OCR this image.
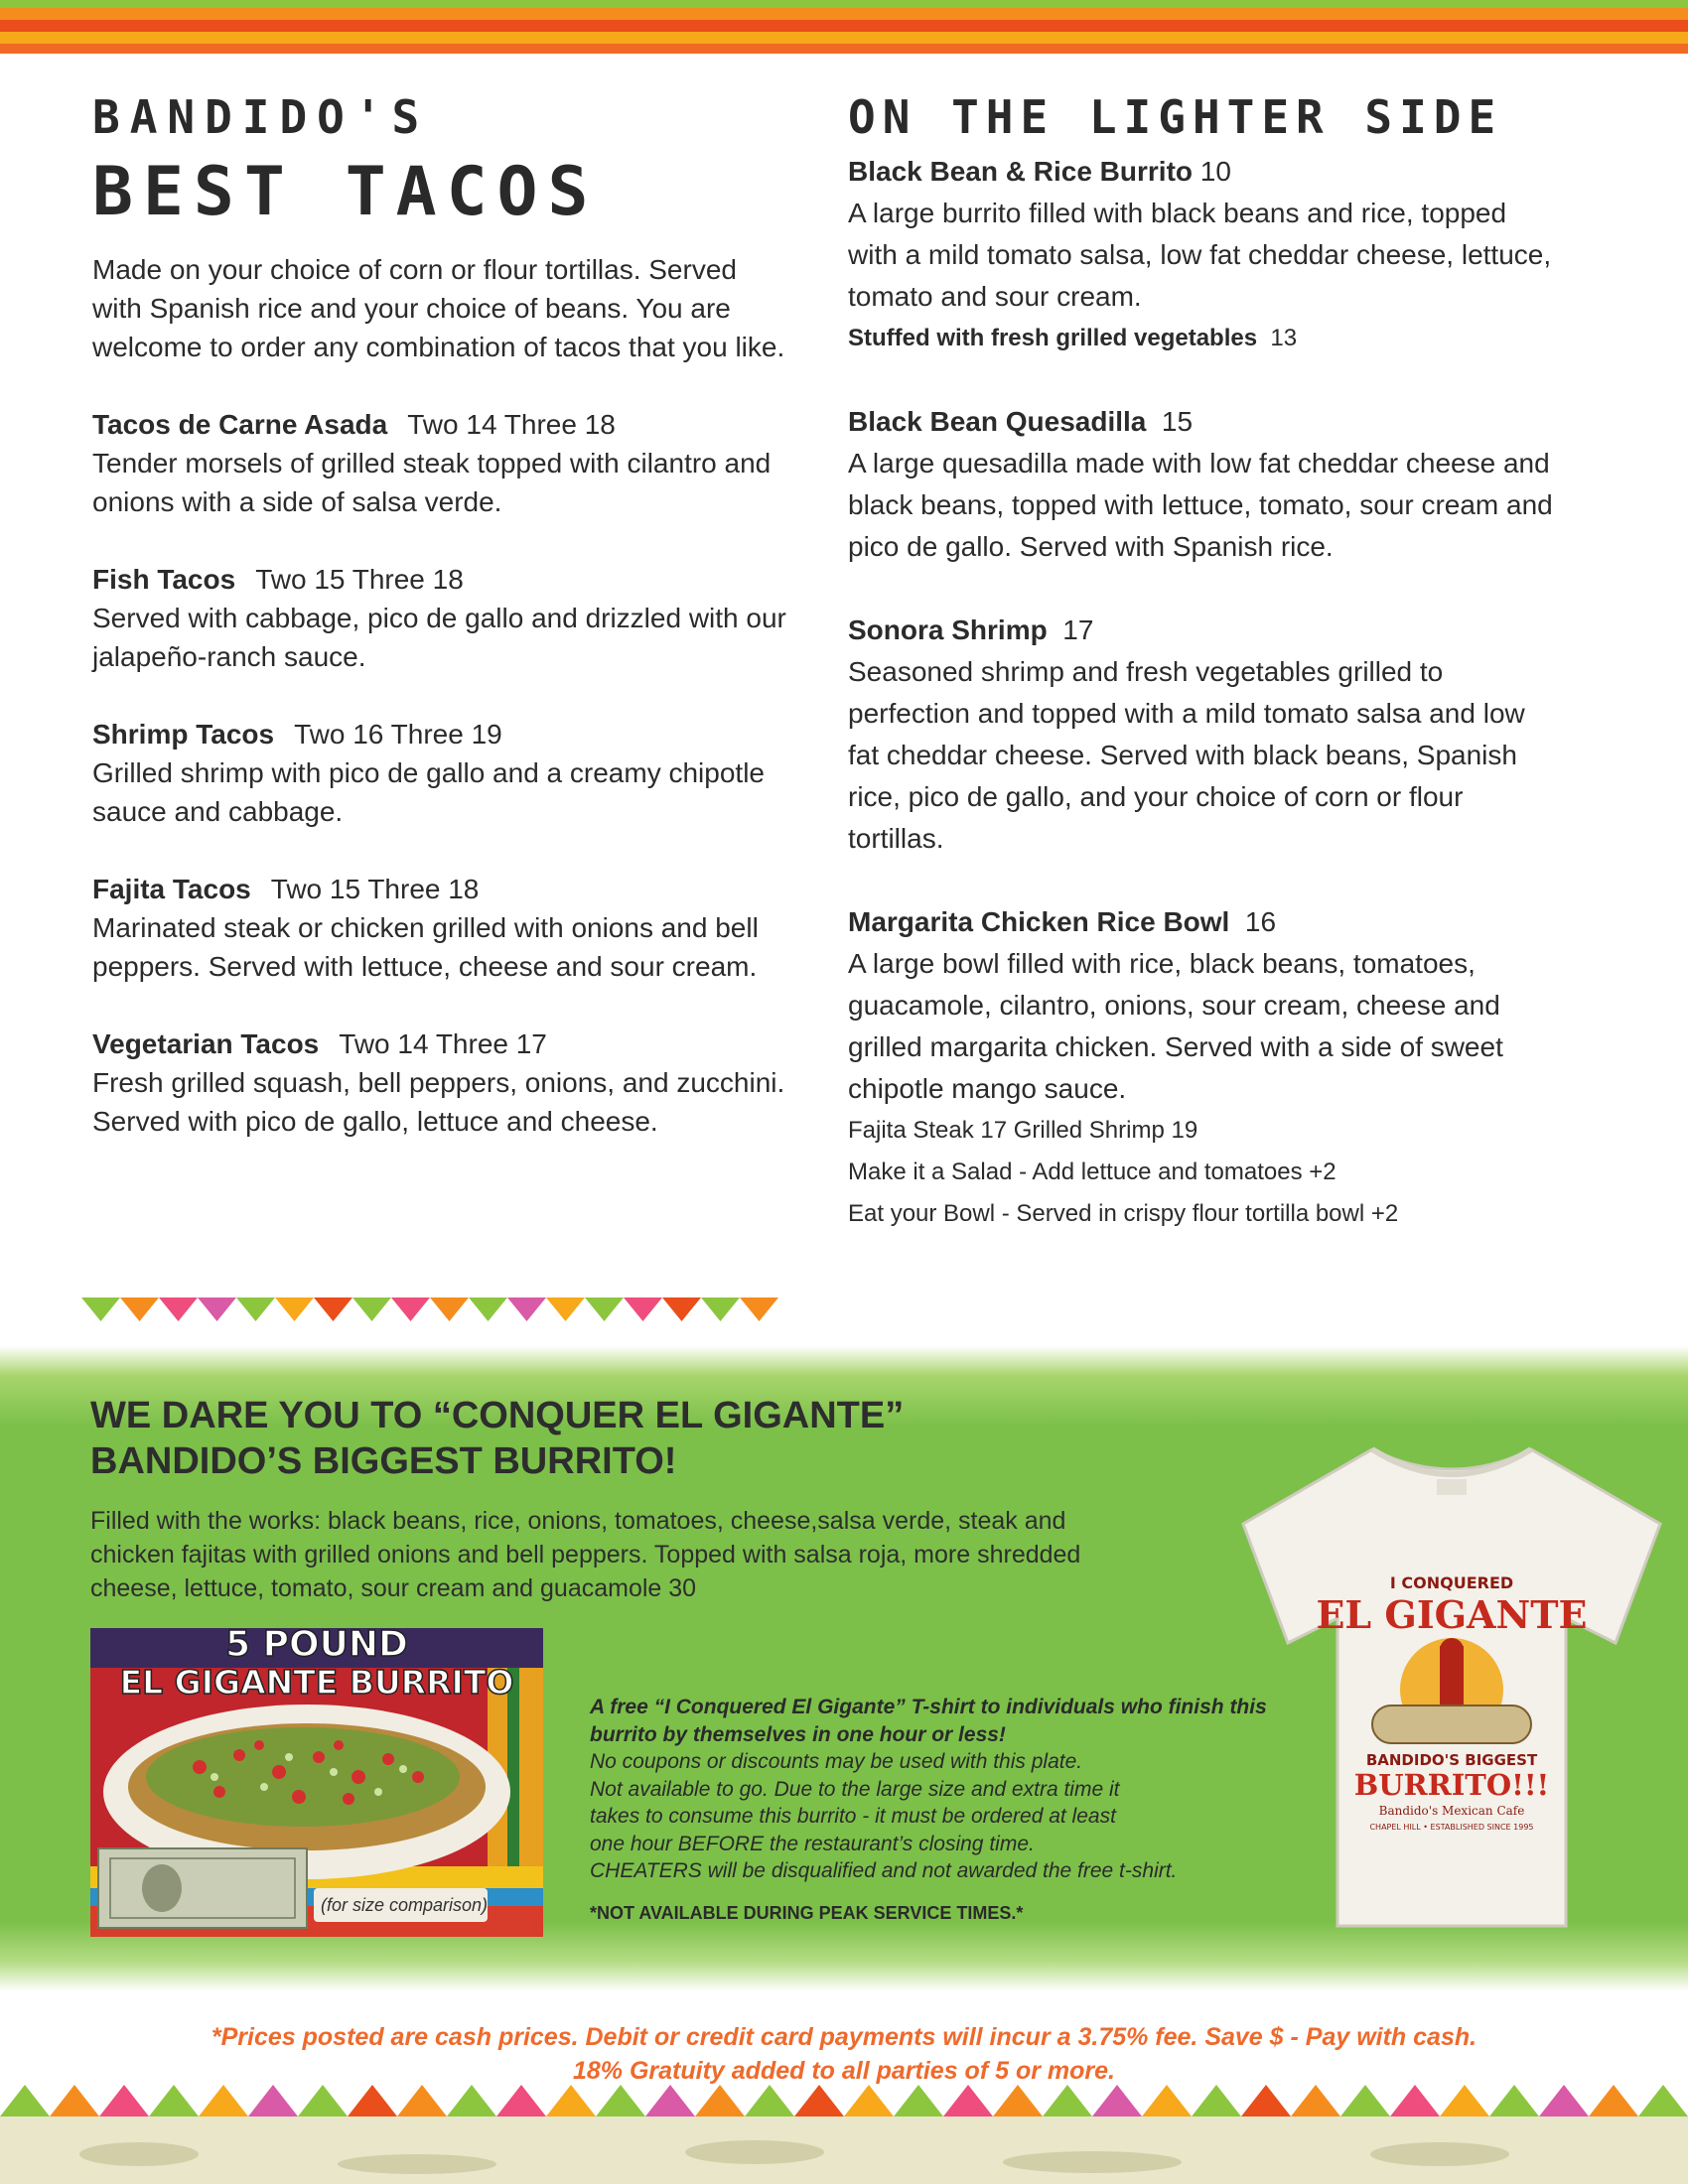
BANDIDO'S
BEST TACOS
Made on your choice of corn or flour tortillas. Served with Spanish rice and your choice of beans. You are welcome to order any combination of tacos that you like.
Tacos de Carne Asada Two 14 Three 18
Tender morsels of grilled steak topped with cilantro and onions with a side of salsa verde.
Fish Tacos Two 15 Three 18
Served with cabbage, pico de gallo and drizzled with our jalapeño-ranch sauce.
Shrimp Tacos Two 16 Three 19
Grilled shrimp with pico de gallo and a creamy chipotle sauce and cabbage.
Fajita Tacos Two 15 Three 18
Marinated steak or chicken grilled with onions and bell peppers. Served with lettuce, cheese and sour cream.
Vegetarian Tacos Two 14 Three 17
Fresh grilled squash, bell peppers, onions, and zucchini. Served with pico de gallo, lettuce and cheese.
ON THE LIGHTER SIDE
Black Bean & Rice Burrito 10
A large burrito filled with black beans and rice, topped with a mild tomato salsa, low fat cheddar cheese, lettuce, tomato and sour cream.
Stuffed with fresh grilled vegetables 13
Black Bean Quesadilla 15
A large quesadilla made with low fat cheddar cheese and black beans, topped with lettuce, tomato, sour cream and pico de gallo. Served with Spanish rice.
Sonora Shrimp 17
Seasoned shrimp and fresh vegetables grilled to perfection and topped with a mild tomato salsa and low fat cheddar cheese. Served with black beans, Spanish rice, pico de gallo, and your choice of corn or flour tortillas.
Margarita Chicken Rice Bowl 16
A large bowl filled with rice, black beans, tomatoes, guacamole, cilantro, onions, sour cream, cheese and grilled margarita chicken. Served with a side of sweet chipotle mango sauce.
Fajita Steak 17 Grilled Shrimp 19
Make it a Salad - Add lettuce and tomatoes +2
Eat your Bowl - Served in crispy flour tortilla bowl +2
WE DARE YOU TO “CONQUER EL GIGANTE”
BANDIDO’S BIGGEST BURRITO!
Filled with the works: black beans, rice, onions, tomatoes, cheese,salsa verde, steak and chicken fajitas with grilled onions and bell peppers. Topped with salsa roja, more shredded cheese, lettuce, tomato, sour cream and guacamole 30
(for size comparison)
5 POUND
EL GIGANTE BURRITO
A free “I Conquered El Gigante” T-shirt to individuals who finish this burrito by themselves in one hour or less!
No coupons or discounts may be used with this plate.
Not available to go. Due to the large size and extra time it
takes to consume this burrito - it must be ordered at least
one hour BEFORE the restaurant’s closing time.
CHEATERS will be disqualified and not awarded the free t-shirt.
*NOT AVAILABLE DURING PEAK SERVICE TIMES.*
I CONQUERED
EL GIGANTE
BANDIDO'S BIGGEST
BURRITO!!!
Bandido's Mexican Cafe
CHAPEL HILL • ESTABLISHED SINCE 1995
*Prices posted are cash prices. Debit or credit card payments will incur a 3.75% fee. Save $ - Pay with cash.
18% Gratuity added to all parties of 5 or more.
